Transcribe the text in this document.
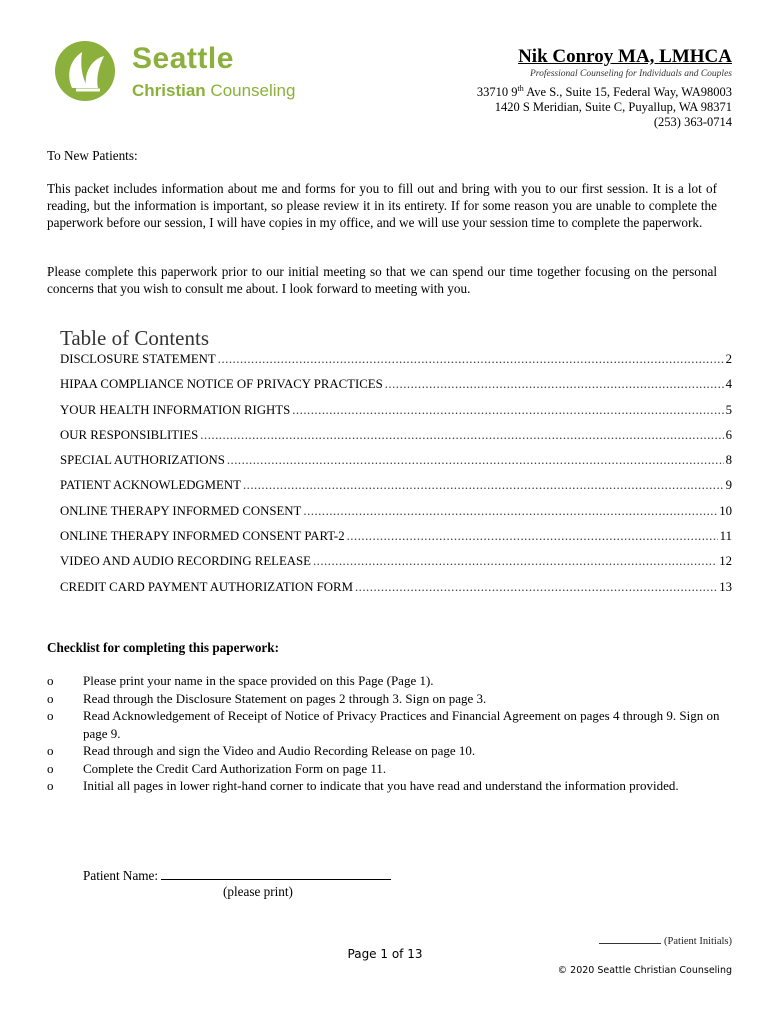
Seattle
Christian Counseling
Nik Conroy MA, LMHCA
Professional Counseling for Individuals and Couples
33710 9th Ave S., Suite 15, Federal Way, WA98003
1420 S Meridian, Suite C, Puyallup, WA 98371
(253) 363-0714
To New Patients:
This packet includes information about me and forms for you to fill out and bring with you to our first session. It is a lot of reading, but the information is important, so please review it in its entirety. If for some reason you are unable to complete the paperwork before our session, I will have copies in my office, and we will use your session time to complete the paperwork.
Please complete this paperwork prior to our initial meeting so that we can spend our time together focusing on the personal concerns that you wish to consult me about. I look forward to meeting with you.
Table of Contents
DISCLOSURE STATEMENT .....	2
HIPAA COMPLIANCE NOTICE OF PRIVACY PRACTICES .....	4
YOUR HEALTH INFORMATION RIGHTS .....	5
OUR RESPONSIBLITIES .....	6
SPECIAL AUTHORIZATIONS .....	8
PATIENT ACKNOWLEDGMENT .....	9
ONLINE THERAPY INFORMED CONSENT .....	10
ONLINE THERAPY INFORMED CONSENT PART-2 .....	11
VIDEO AND AUDIO RECORDING RELEASE .....	12
CREDIT CARD PAYMENT AUTHORIZATION FORM .....	13
Checklist for completing this paperwork:
o	Please print your name in the space provided on this Page (Page 1).
o	Read through the Disclosure Statement on pages 2 through 3. Sign on page 3.
o	Read Acknowledgement of Receipt of Notice of Privacy Practices and Financial Agreement on pages 4 through 9. Sign on page 9.
o	Read through and sign the Video and Audio Recording Release on page 10.
o	Complete the Credit Card Authorization Form on page 11.
o	Initial all pages in lower right-hand corner to indicate that you have read and understand the information provided.
Patient Name:
(please print)
(Patient Initials)
Page 1 of 13
© 2020 Seattle Christian Counseling
